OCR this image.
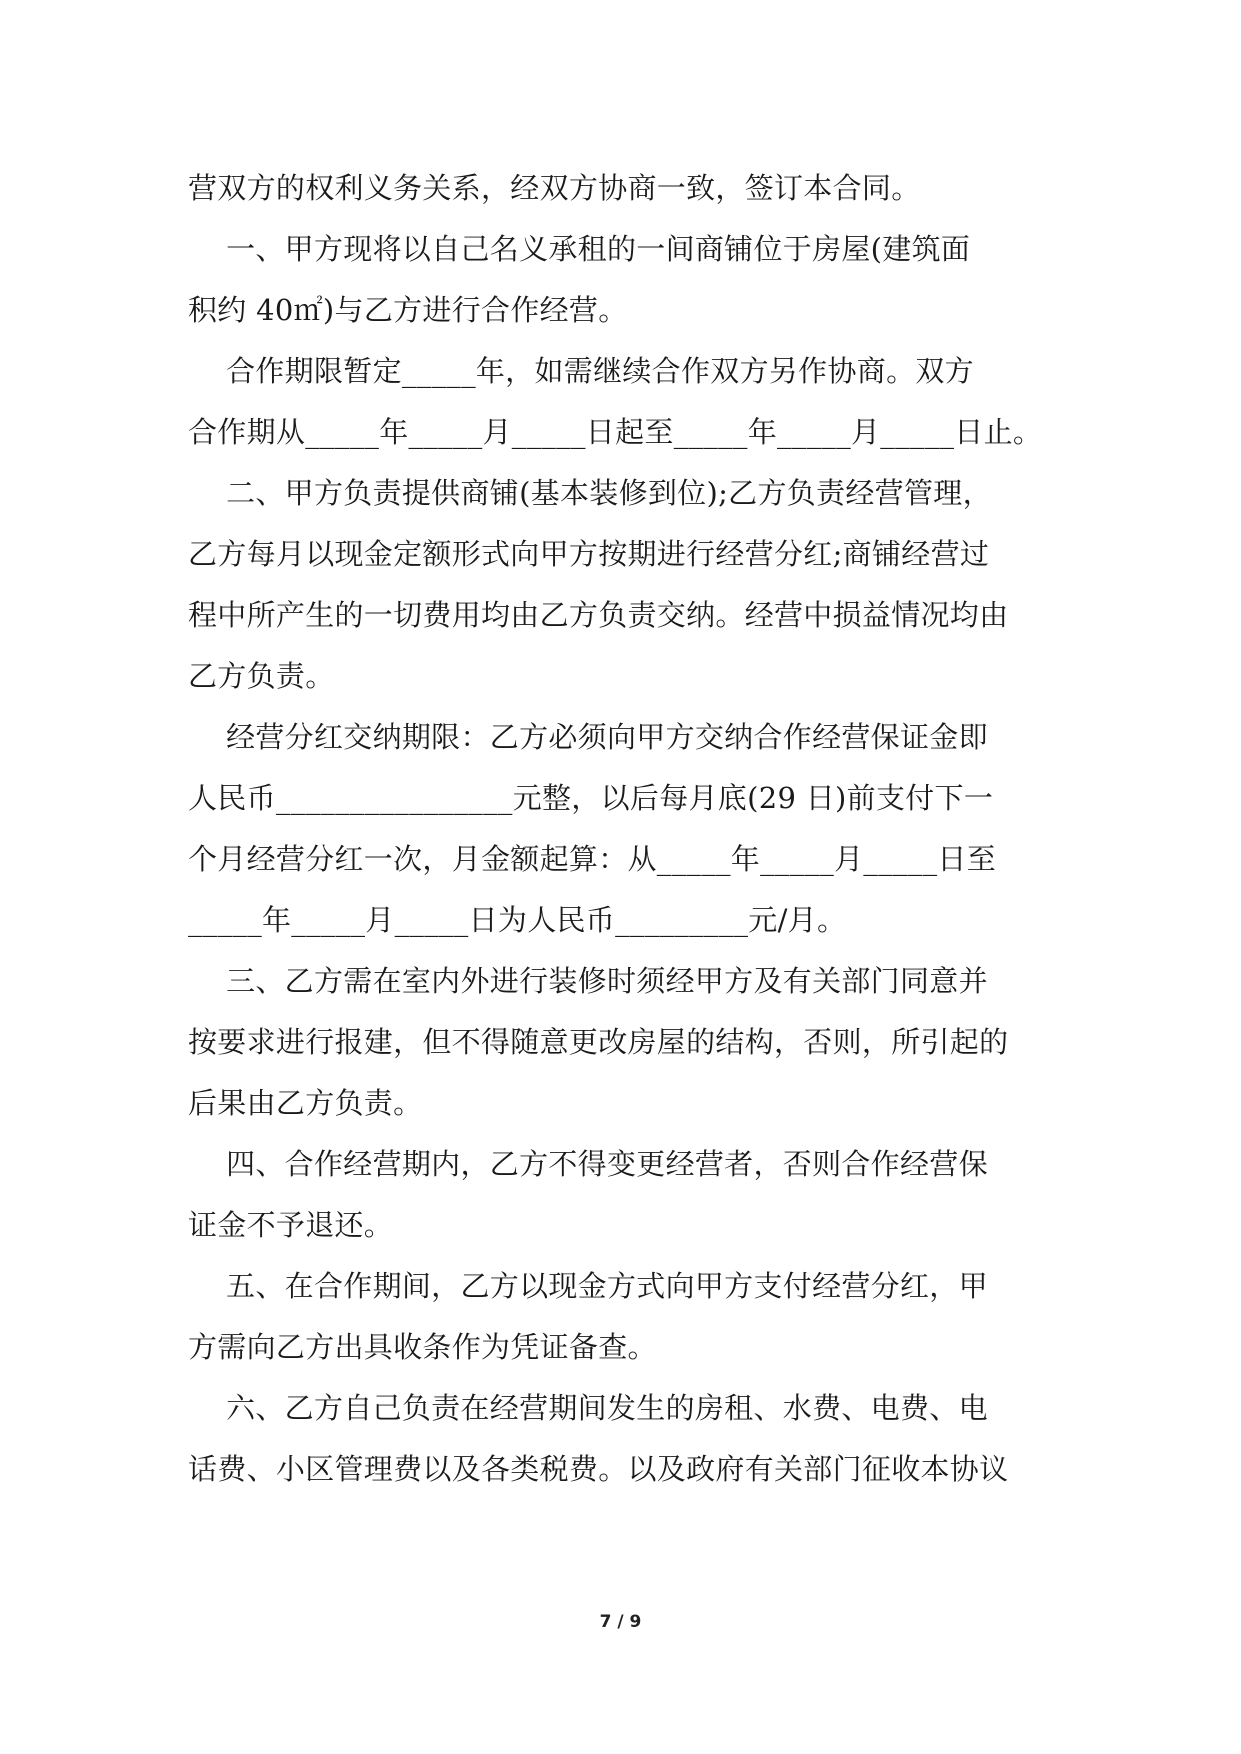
营双方的权利义务关系，经双方协商一致，签订本合同。
一、甲方现将以自己名义承租的一间商铺位于房屋(建筑面
积约 40㎡)与乙方进行合作经营。
合作期限暂定_____年，如需继续合作双方另作协商。双方
合作期从_____年_____月_____日起至_____年_____月_____日止。
二、甲方负责提供商铺(基本装修到位);乙方负责经营管理，
乙方每月以现金定额形式向甲方按期进行经营分红;商铺经营过
程中所产生的一切费用均由乙方负责交纳。经营中损益情况均由
乙方负责。
经营分红交纳期限：乙方必须向甲方交纳合作经营保证金即
人民币________________元整，以后每月底(29 日)前支付下一
个月经营分红一次，月金额起算：从_____年_____月_____日至
_____年_____月_____日为人民币_________元/月。
三、乙方需在室内外进行装修时须经甲方及有关部门同意并
按要求进行报建，但不得随意更改房屋的结构，否则，所引起的
后果由乙方负责。
四、合作经营期内，乙方不得变更经营者，否则合作经营保
证金不予退还。
五、在合作期间，乙方以现金方式向甲方支付经营分红，甲
方需向乙方出具收条作为凭证备查。
六、乙方自己负责在经营期间发生的房租、水费、电费、电
话费、小区管理费以及各类税费。以及政府有关部门征收本协议
7 / 9
